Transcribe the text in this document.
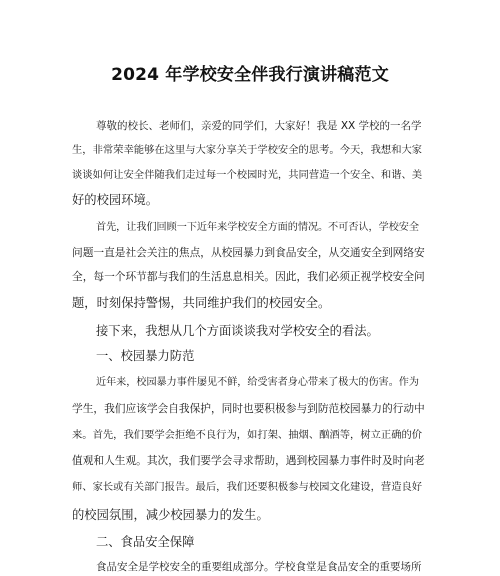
2024 年学校安全伴我行演讲稿范文
尊敬的校长、老师们，亲爱的同学们，大家好！我是 XX 学校的一名学
生，非常荣幸能够在这里与大家分享关于学校安全的思考。今天，我想和大家
谈谈如何让安全伴随我们走过每一个校园时光，共同营造一个安全、和谐、美
好的校园环境。
首先，让我们回顾一下近年来学校安全方面的情况。不可否认，学校安全
问题一直是社会关注的焦点，从校园暴力到食品安全，从交通安全到网络安
全，每一个环节都与我们的生活息息相关。因此，我们必须正视学校安全问
题，时刻保持警惕，共同维护我们的校园安全。
接下来，我想从几个方面谈谈我对学校安全的看法。
一、校园暴力防范
近年来，校园暴力事件屡见不鲜，给受害者身心带来了极大的伤害。作为
学生，我们应该学会自我保护，同时也要积极参与到防范校园暴力的行动中
来。首先，我们要学会拒绝不良行为，如打架、抽烟、酗酒等，树立正确的价
值观和人生观。其次，我们要学会寻求帮助，遇到校园暴力事件时及时向老
师、家长或有关部门报告。最后，我们还要积极参与校园文化建设，营造良好
的校园氛围，减少校园暴力的发生。
二、食品安全保障
食品安全是学校安全的重要组成部分。学校食堂是食品安全的重要场所
